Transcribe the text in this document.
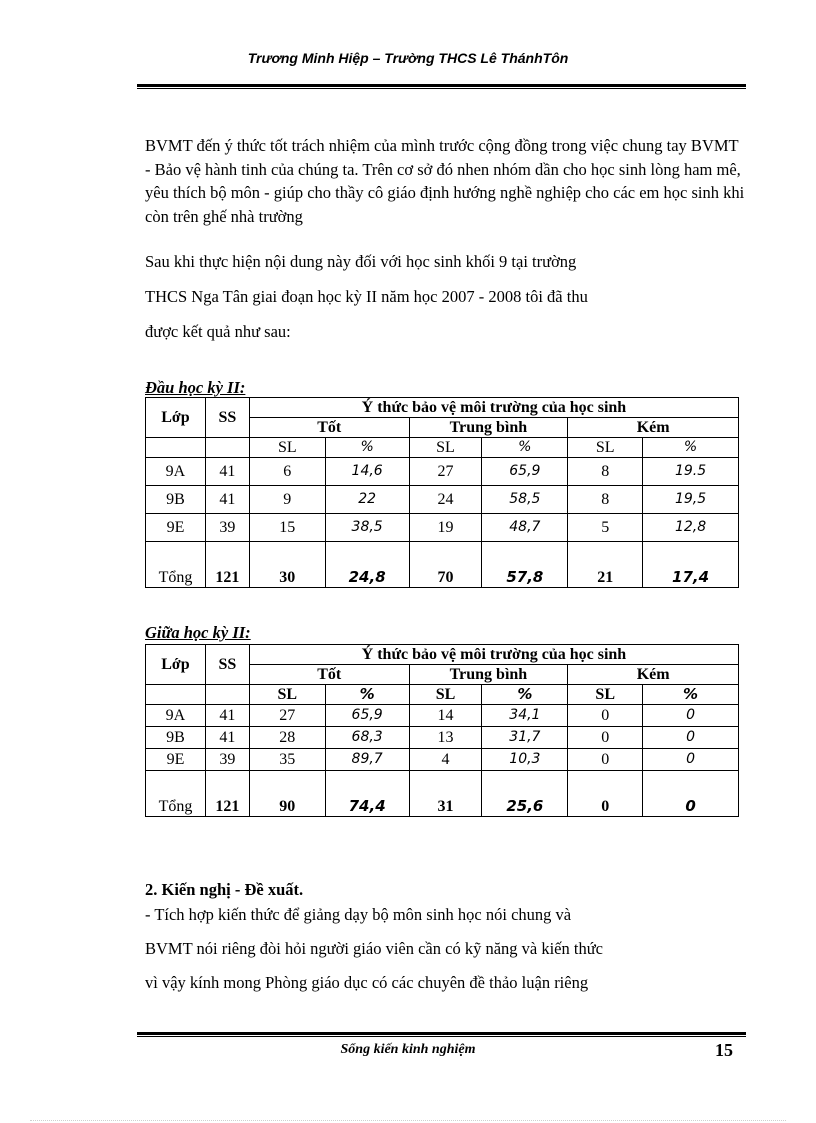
Trương Minh Hiệp – Trường THCS Lê ThánhTôn
BVMT đến ý thức tốt trách nhiệm của mình trước cộng đồng trong việc chung tay BVMT - Bảo vệ hành tinh của chúng ta. Trên cơ sở đó nhen nhóm dần cho học sinh lòng ham mê, yêu thích bộ môn - giúp cho thầy cô giáo định hướng nghề nghiệp cho các em học sinh khi còn trên ghế nhà trường
Sau khi thực hiện nội dung này đối với học sinh khối 9 tại trường
THCS Nga Tân giai đoạn học kỳ II năm học 2007 - 2008 tôi đã thu
được kết quả như sau:
Đầu học kỳ II:
Lớp	SS	Ý thức bảo vệ môi trường của học sinh					
		Tốt		Trung bình		Kém	
		SL	%	SL	%	SL	%
9A	41	6	14,6	27	65,9	8	19.5
9B	41	9	22	24	58,5	8	19,5
9E	39	15	38,5	19	48,7	5	12,8
Tổng	121	30	24,8	70	57,8	21	17,4
Giữa học kỳ II:
Lớp	SS	Ý thức bảo vệ môi trường của học sinh					
		Tốt		Trung bình		Kém	
		SL	%	SL	%	SL	%
9A	41	27	65,9	14	34,1	0	0
9B	41	28	68,3	13	31,7	0	0
9E	39	35	89,7	4	10,3	0	0
Tổng	121	90	74,4	31	25,6	0	0
2. Kiến nghị - Đề xuất.
- Tích hợp kiến thức để giảng dạy bộ môn sinh học nói chung và
BVMT nói riêng đòi hỏi người giáo viên cần có kỹ năng và kiến thức
vì vậy kính mong Phòng giáo dục có các chuyên đề thảo luận riêng
Sổng kiến kinh nghiệm	15
